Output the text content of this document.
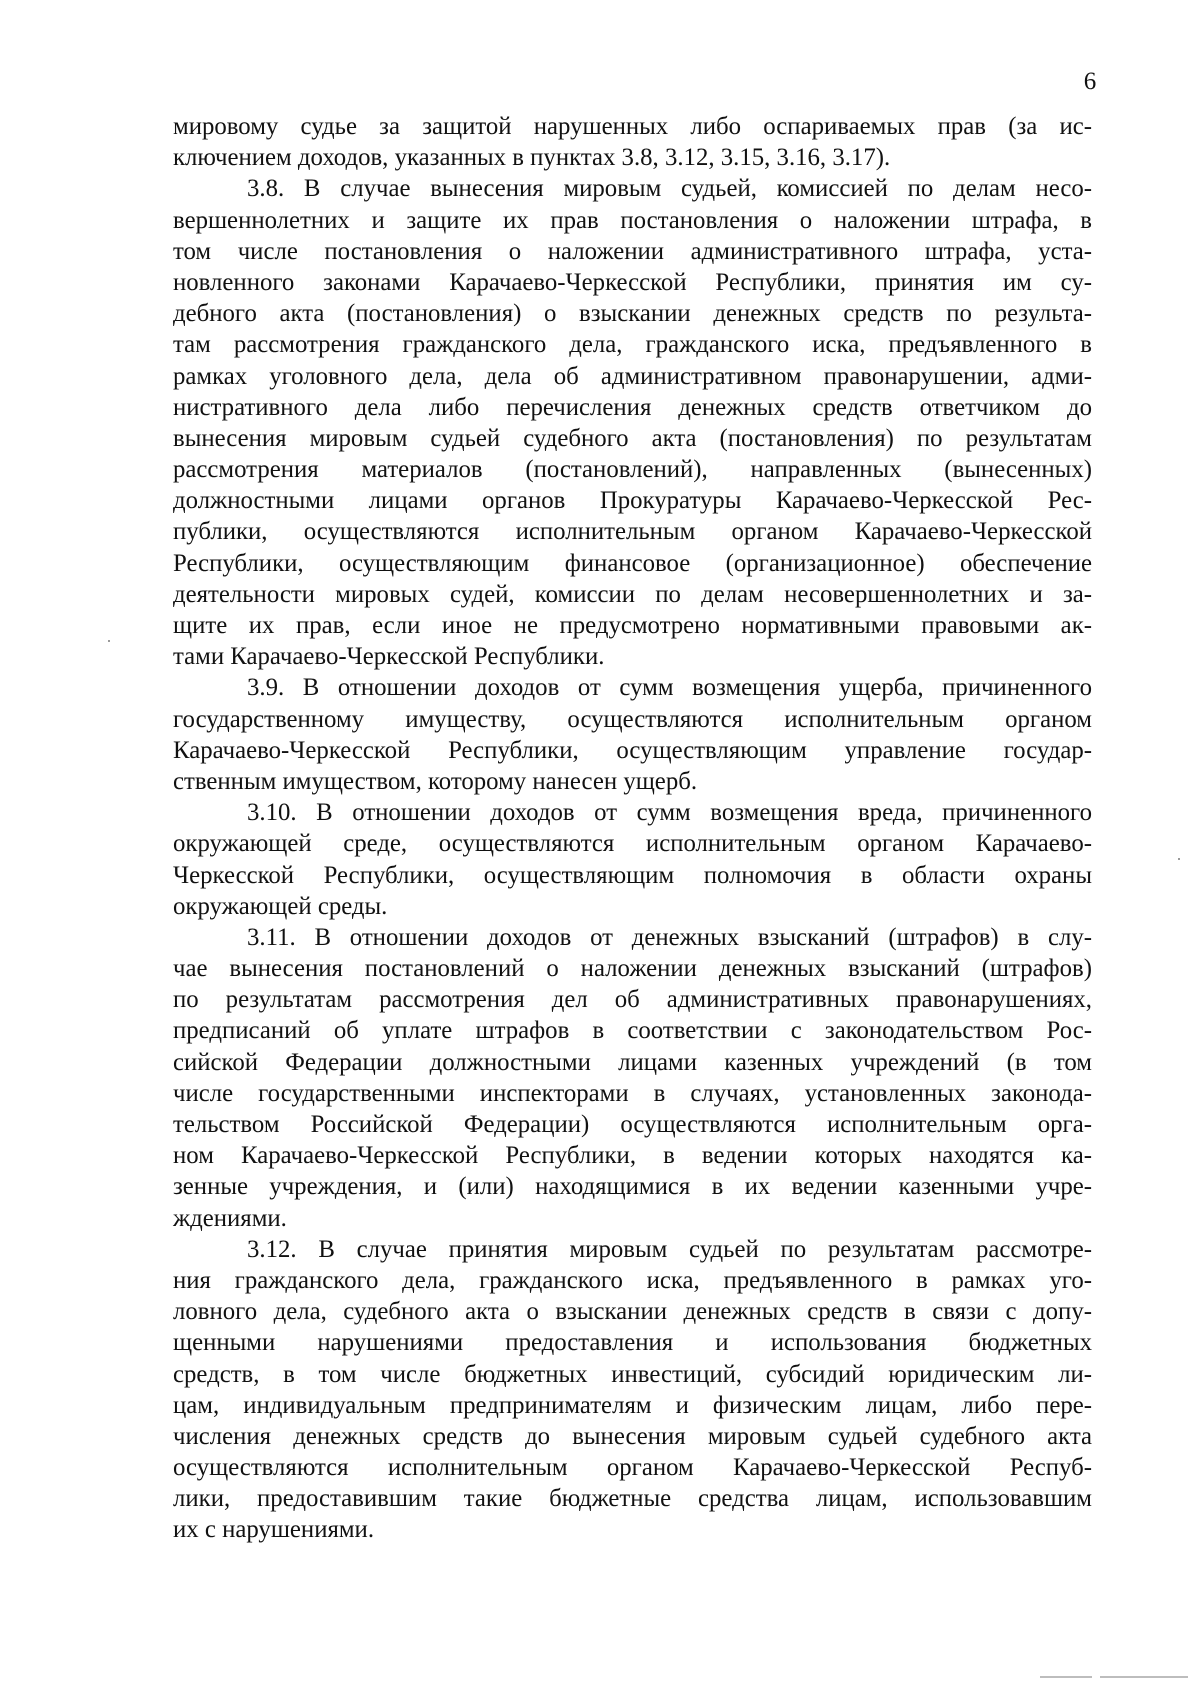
6
мировому судье за защитой нарушенных либо оспариваемых прав (за ис-
ключением доходов, указанных в пунктах 3.8, 3.12, 3.15, 3.16, 3.17).
3.8. В случае вынесения мировым судьей, комиссией по делам несо-
вершеннолетних и защите их прав постановления о наложении штрафа, в
том числе постановления о наложении административного штрафа, уста-
новленного законами Карачаево-Черкесской Республики, принятия им су-
дебного акта (постановления) о взыскании денежных средств по результа-
там рассмотрения гражданского дела, гражданского иска, предъявленного в
рамках уголовного дела, дела об административном правонарушении, адми-
нистративного дела либо перечисления денежных средств ответчиком до
вынесения мировым судьей судебного акта (постановления) по результатам
рассмотрения материалов (постановлений), направленных (вынесенных)
должностными лицами органов Прокуратуры Карачаево-Черкесской Рес-
публики, осуществляются исполнительным органом Карачаево-Черкесской
Республики, осуществляющим финансовое (организационное) обеспечение
деятельности мировых судей, комиссии по делам несовершеннолетних и за-
щите их прав, если иное не предусмотрено нормативными правовыми ак-
тами Карачаево-Черкесской Республики.
3.9. В отношении доходов от сумм возмещения ущерба, причиненного
государственному имуществу, осуществляются исполнительным органом
Карачаево-Черкесской Республики, осуществляющим управление государ-
ственным имуществом, которому нанесен ущерб.
3.10. В отношении доходов от сумм возмещения вреда, причиненного
окружающей среде, осуществляются исполнительным органом Карачаево-
Черкесской Республики, осуществляющим полномочия в области охраны
окружающей среды.
3.11. В отношении доходов от денежных взысканий (штрафов) в слу-
чае вынесения постановлений о наложении денежных взысканий (штрафов)
по результатам рассмотрения дел об административных правонарушениях,
предписаний об уплате штрафов в соответствии с законодательством Рос-
сийской Федерации должностными лицами казенных учреждений (в том
числе государственными инспекторами в случаях, установленных законода-
тельством Российской Федерации) осуществляются исполнительным орга-
ном Карачаево-Черкесской Республики, в ведении которых находятся ка-
зенные учреждения, и (или) находящимися в их ведении казенными учре-
ждениями.
3.12. В случае принятия мировым судьей по результатам рассмотре-
ния гражданского дела, гражданского иска, предъявленного в рамках уго-
ловного дела, судебного акта о взыскании денежных средств в связи с допу-
щенными нарушениями предоставления и использования бюджетных
средств, в том числе бюджетных инвестиций, субсидий юридическим ли-
цам, индивидуальным предпринимателям и физическим лицам, либо пере-
числения денежных средств до вынесения мировым судьей судебного акта
осуществляются исполнительным органом Карачаево-Черкесской Респуб-
лики, предоставившим такие бюджетные средства лицам, использовавшим
их с нарушениями.
